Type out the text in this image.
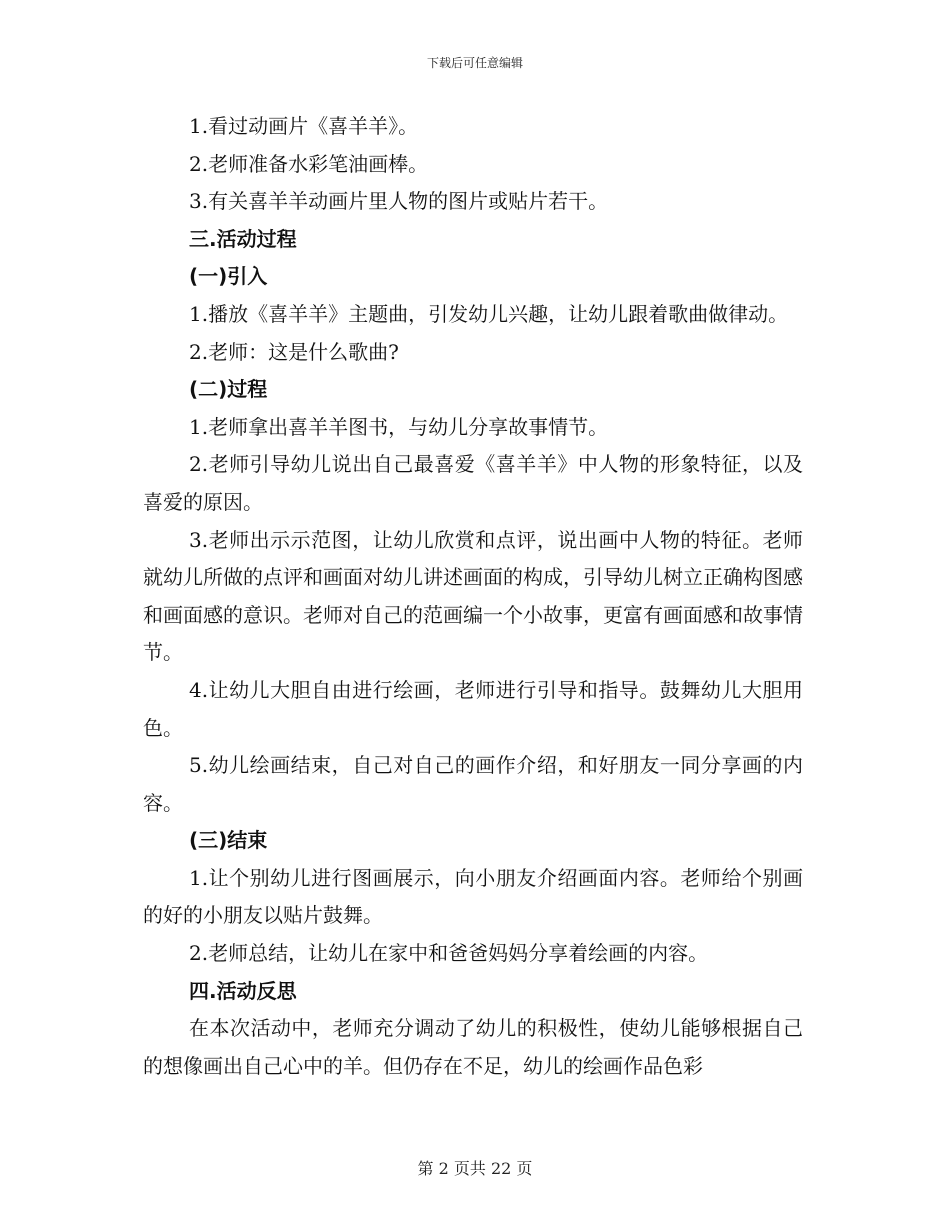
下载后可任意编辑

1.看过动画片《喜羊羊》。

2.老师准备水彩笔油画棒。

3.有关喜羊羊动画片里人物的图片或贴片若干。

三.活动过程

(一)引入

1.播放《喜羊羊》主题曲，引发幼儿兴趣，让幼儿跟着歌曲做律动。

2.老师：这是什么歌曲?

(二)过程

1.老师拿出喜羊羊图书，与幼儿分享故事情节。

2.老师引导幼儿说出自己最喜爱《喜羊羊》中人物的形象特征，以及喜爱的原因。

3.老师出示示范图，让幼儿欣赏和点评，说出画中人物的特征。老师就幼儿所做的点评和画面对幼儿讲述画面的构成，引导幼儿树立正确构图感和画面感的意识。老师对自己的范画编一个小故事，更富有画面感和故事情节。

4.让幼儿大胆自由进行绘画，老师进行引导和指导。鼓舞幼儿大胆用色。

5.幼儿绘画结束，自己对自己的画作介绍，和好朋友一同分享画的内容。

(三)结束

1.让个别幼儿进行图画展示，向小朋友介绍画面内容。老师给个别画的好的小朋友以贴片鼓舞。

2.老师总结，让幼儿在家中和爸爸妈妈分享着绘画的内容。

四.活动反思

在本次活动中，老师充分调动了幼儿的积极性，使幼儿能够根据自己的想像画出自己心中的羊。但仍存在不足，幼儿的绘画作品色彩

第 2 页共 22 页
